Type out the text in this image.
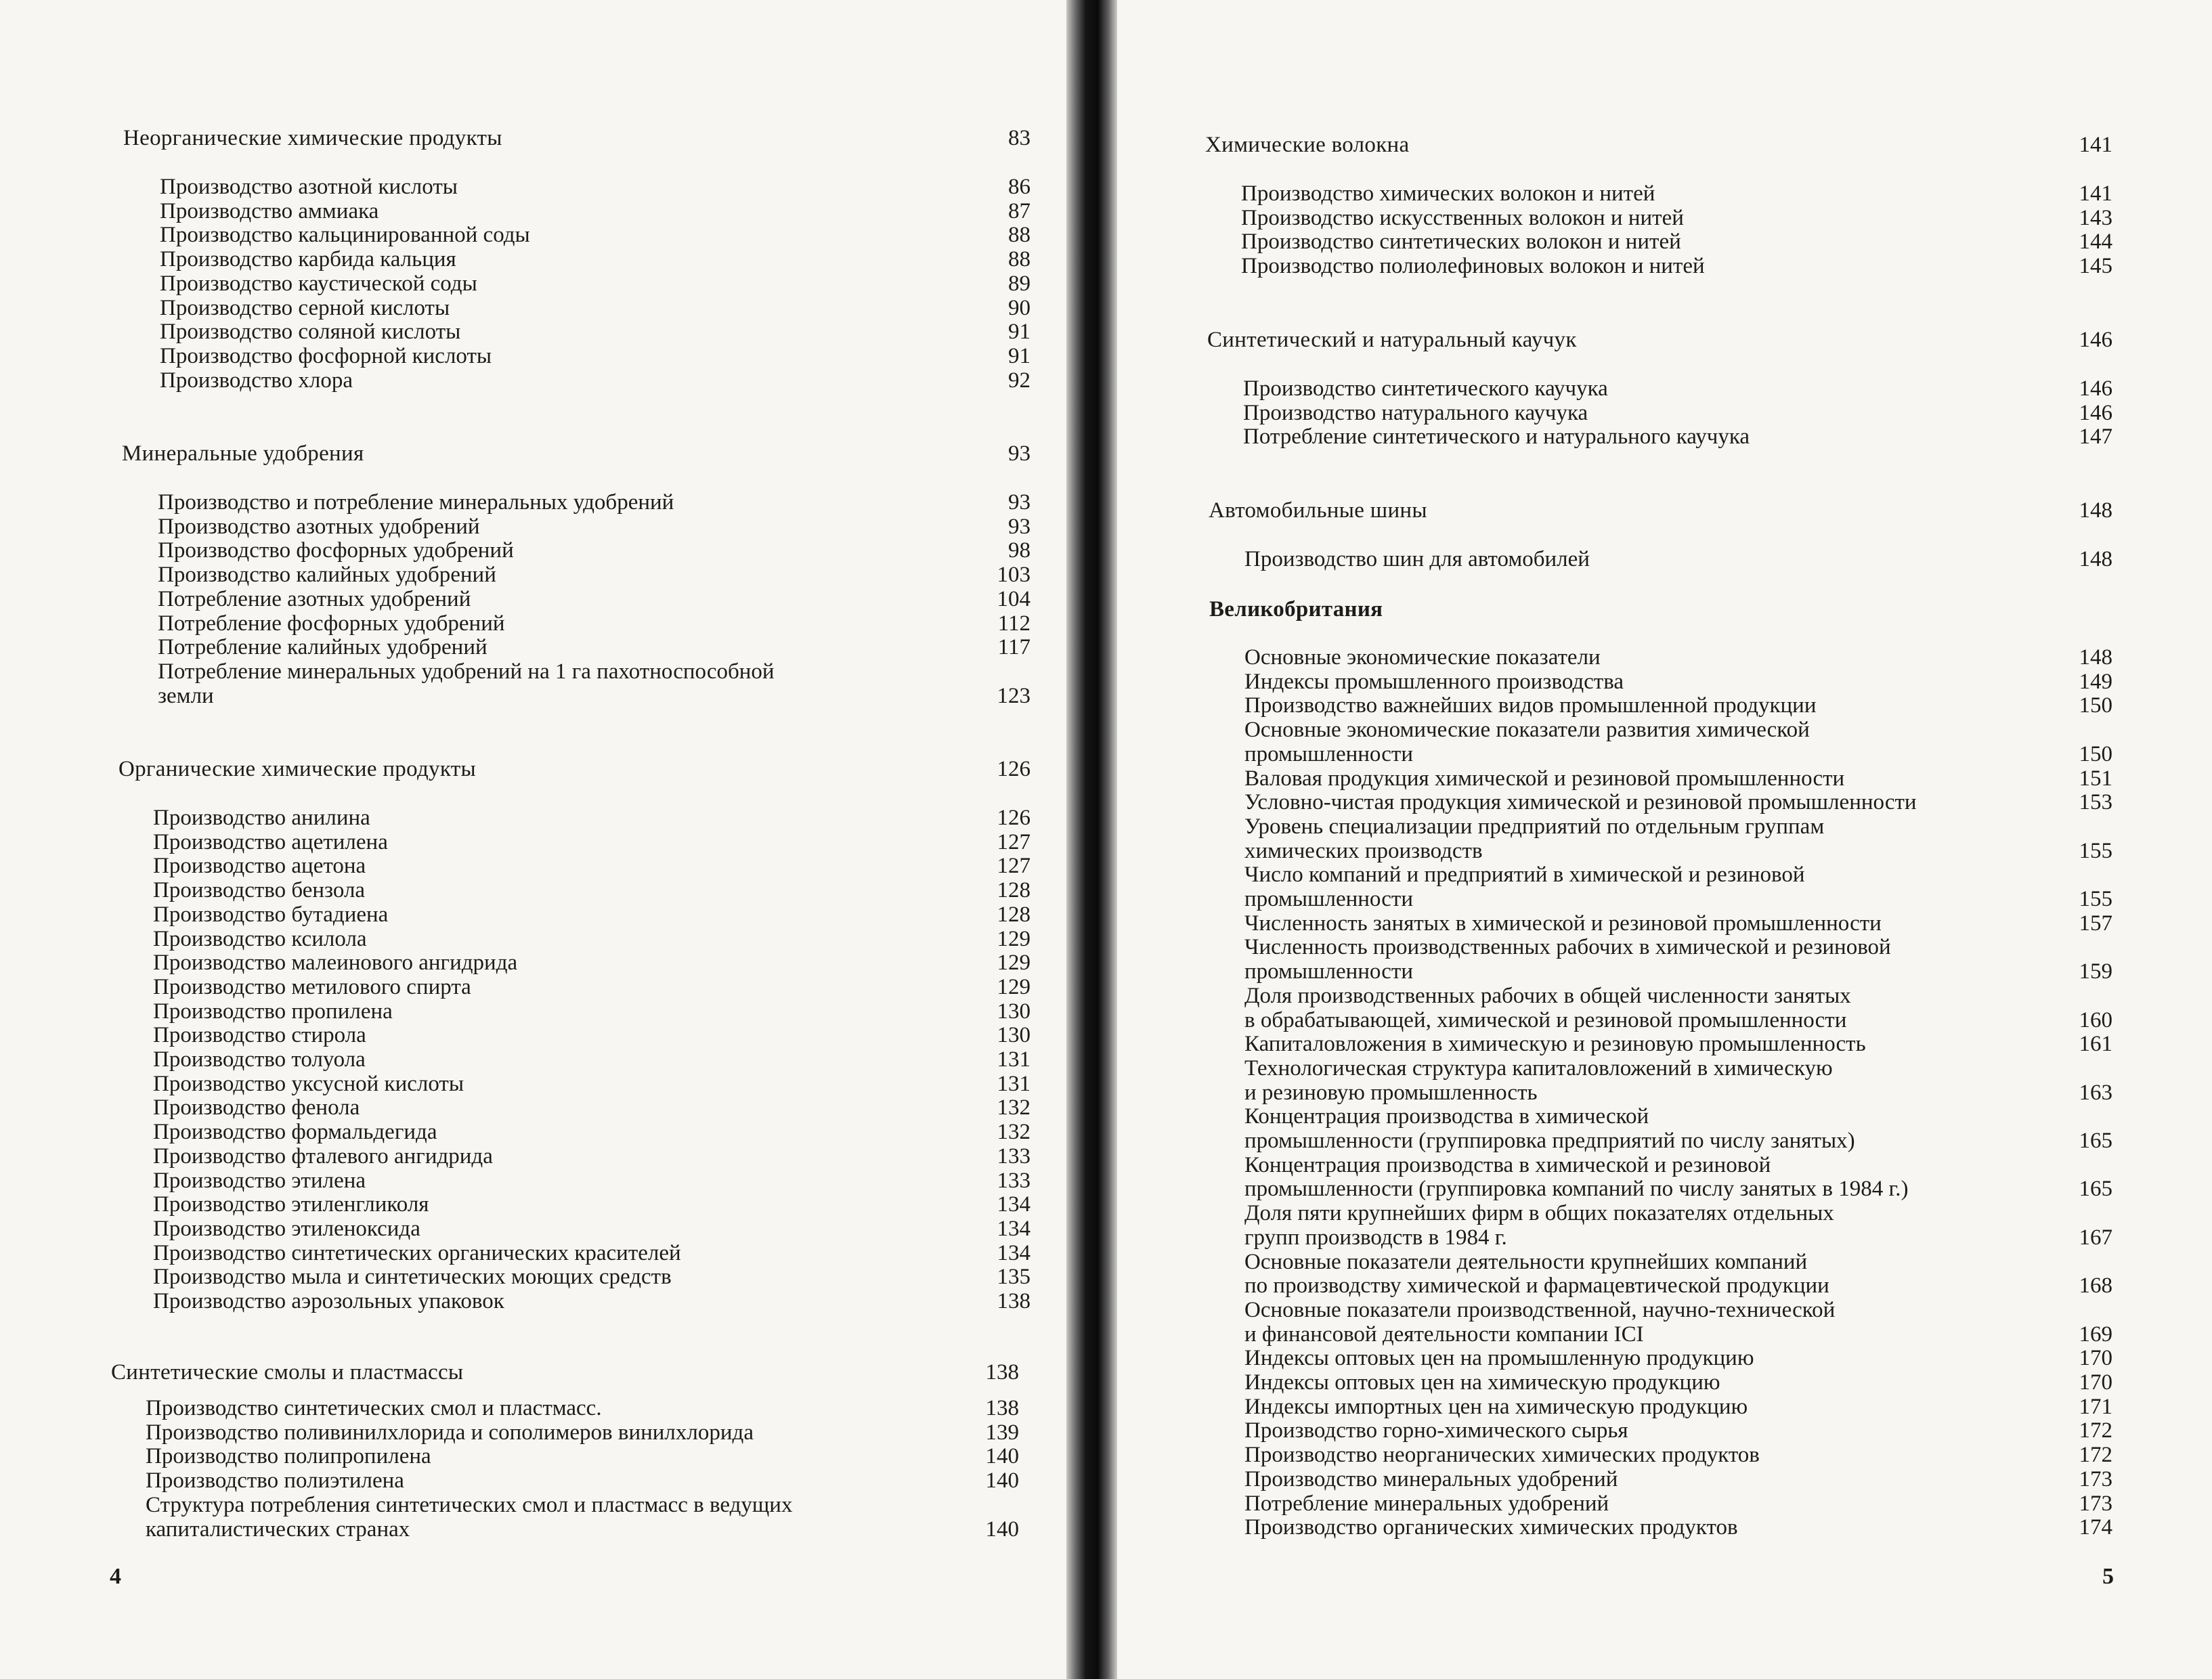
4	5
Неорганические химические продукты	83
Производство азотной кислоты	86
Производство аммиака	87
Производство кальцинированной соды	88
Производство карбида кальция	88
Производство каустической соды	89
Производство серной кислоты	90
Производство соляной кислоты	91
Производство фосфорной кислоты	91
Производство хлора	92
Минеральные удобрения	93
Производство и потребление минеральных удобрений	93
Производство азотных удобрений	93
Производство фосфорных удобрений	98
Производство калийных удобрений	103
Потребление азотных удобрений	104
Потребление фосфорных удобрений	112
Потребление калийных удобрений	117
Потребление минеральных удобрений на 1 га пахотноспособной
земли	123
Органические химические продукты	126
Производство анилина	126
Производство ацетилена	127
Производство ацетона	127
Производство бензола	128
Производство бутадиена	128
Производство ксилола	129
Производство малеинового ангидрида	129
Производство метилового спирта	129
Производство пропилена	130
Производство стирола	130
Производство толуола	131
Производство уксусной кислоты	131
Производство фенола	132
Производство формальдегида	132
Производство фталевого ангидрида	133
Производство этилена	133
Производство этиленгликоля	134
Производство этиленоксида	134
Производство синтетических органических красителей	134
Производство мыла и синтетических моющих средств	135
Производство аэрозольных упаковок	138
Синтетические смолы и пластмассы	138
Производство синтетических смол и пластмасс.	138
Производство поливинилхлорида и сополимеров винилхлорида	139
Производство полипропилена	140
Производство полиэтилена	140
Структура потребления синтетических смол и пластмасс в ведущих
капиталистических странах	140
Химические волокна	141
Производство химических волокон и нитей	141
Производство искусственных волокон и нитей	143
Производство синтетических волокон и нитей	144
Производство полиолефиновых волокон и нитей	145
Синтетический и натуральный каучук	146
Производство синтетического каучука	146
Производство натурального каучука	146
Потребление синтетического и натурального каучука	147
Автомобильные шины	148
Производство шин для автомобилей	148
Великобритания
Основные экономические показатели	148
Индексы промышленного производства	149
Производство важнейших видов промышленной продукции	150
Основные экономические показатели развития химической
промышленности	150
Валовая продукция химической и резиновой промышленности	151
Условно-чистая продукция химической и резиновой промышленности	153
Уровень специализации предприятий по отдельным группам
химических производств	155
Число компаний и предприятий в химической и резиновой
промышленности	155
Численность занятых в химической и резиновой промышленности	157
Численность производственных рабочих в химической и резиновой
промышленности	159
Доля производственных рабочих в общей численности занятых
в обрабатывающей, химической и резиновой промышленности	160
Капиталовложения в химическую и резиновую промышленность	161
Технологическая структура капиталовложений в химическую
и резиновую промышленность	163
Концентрация производства в химической
промышленности (группировка предприятий по числу занятых)	165
Концентрация производства в химической и резиновой
промышленности (группировка компаний по числу занятых в 1984 г.)	165
Доля пяти крупнейших фирм в общих показателях отдельных
групп производств в 1984 г.	167
Основные показатели деятельности крупнейших компаний
по производству химической и фармацевтической продукции	168
Основные показатели производственной, научно-технической
и финансовой деятельности компании ICI	169
Индексы оптовых цен на промышленную продукцию	170
Индексы оптовых цен на химическую продукцию	170
Индексы импортных цен на химическую продукцию	171
Производство горно-химического сырья	172
Производство неорганических химических продуктов	172
Производство минеральных удобрений	173
Потребление минеральных удобрений	173
Производство органических химических продуктов	174
